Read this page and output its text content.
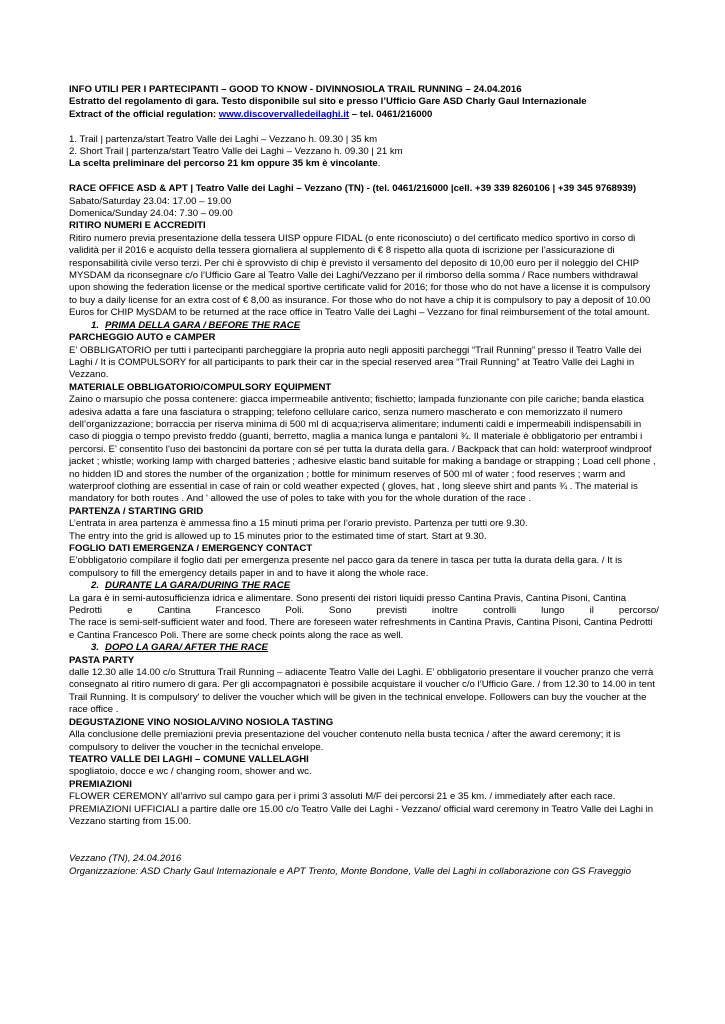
INFO UTILI PER I PARTECIPANTI – GOOD TO KNOW - DIVINNOSIOLA TRAIL RUNNING – 24.04.2016

Estratto del regolamento di gara. Testo disponibile sul sito e presso l’Ufficio Gare ASD Charly Gaul Internazionale

Extract of the official regulation: www.discovervalledeilaghi.it – tel. 0461/216000

1. Trail | partenza/start Teatro Valle dei Laghi – Vezzano h. 09.30 | 35 km

2. Short Trail | partenza/start Teatro Valle dei Laghi – Vezzano h. 09.30 | 21 km

La scelta preliminare del percorso 21 km oppure 35 km è vincolante.

RACE OFFICE ASD & APT | Teatro Valle dei Laghi – Vezzano (TN) - (tel. 0461/216000 |cell. +39 339 8260106 | +39 345 9768939)

Sabato/Saturday 23.04: 17.00 – 19.00

Domenica/Sunday 24.04: 7.30 – 09.00

RITIRO NUMERI E ACCREDITI

Ritiro numero previa presentazione della tessera UISP oppure FIDAL (o ente riconosciuto) o del certificato medico sportivo in corso di validità per il 2016 e acquisto della tessera giornaliera al supplemento di € 8 rispetto alla quota di iscrizione per l’assicurazione di responsabilità civile verso terzi. Per chi è sprovvisto di chip è previsto il versamento del deposito di 10,00 euro per il noleggio del CHIP MYSDAM da riconsegnare c/o l’Ufficio Gare al Teatro Valle dei Laghi/Vezzano per il rimborso della somma / Race numbers withdrawal upon showing the federation license or the medical sportive certificate valid for 2016; for those who do not have a license it is compulsory to buy a daily license for an extra cost of € 8,00 as insurance. For those who do not have a chip it is compulsory to pay a deposit of 10.00 Euros for CHIP MySDAM to be returned at the race office in Teatro Valle dei Laghi – Vezzano for final reimbursement of the total amount.

1. PRIMA DELLA GARA / BEFORE THE RACE

PARCHEGGIO AUTO e CAMPER

E’ OBBLIGATORIO per tutti i partecipanti parcheggiare la propria auto negli appositi parcheggi “Trail Running” presso il Teatro Valle dei Laghi / It is COMPULSORY for all participants to park their car in the special reserved area “Trail Running” at Teatro Valle dei Laghi in Vezzano.

MATERIALE OBBLIGATORIO/COMPULSORY EQUIPMENT

Zaino o marsupio che possa contenere: giacca impermeabile antivento; fischietto; lampada funzionante con pile cariche; banda elastica adesiva adatta a fare una fasciatura o strapping; telefono cellulare carico, senza numero mascherato e con memorizzato il numero dell’organizzazione; borraccia per riserva minima di 500 ml di acqua;riserva alimentare; indumenti caldi e impermeabili indispensabili in caso di pioggia o tempo previsto freddo (guanti, berretto, maglia a manica lunga e pantaloni ¾. Il materiale è obbligatorio per entrambi i percorsi. E’ consentito l’uso dei bastoncini da portare con sé per tutta la durata della gara. / Backpack that can hold: waterproof windproof jacket ; whistle; working lamp with charged batteries ; adhesive elastic band suitable for making a bandage or strapping ; Load cell phone , no hidden ID and stores the number of the organization ; bottle for minimum reserves of 500 ml of water ; food reserves ; warm and waterproof clothing are essential in case of rain or cold weather expected ( gloves, hat , long sleeve shirt and pants ¾ . The material is mandatory for both routes . And ' allowed the use of poles to take with you for the whole duration of the race .

PARTENZA / STARTING GRID

L’entrata in area partenza è ammessa fino a 15 minuti prima per l’orario previsto. Partenza per tutti ore 9.30.

The entry into the grid is allowed up to 15 minutes prior to the estimated time of start. Start at 9.30.

FOGLIO DATI EMERGENZA / EMERGENCY CONTACT

E’obbligatorio compilare il foglio dati per emergenza presente nel pacco gara da tenere in tasca per tutta la durata della gara. / It is compulsory to fill the emergency details paper in and to have it along the whole race.

2. DURANTE LA GARA/DURING THE RACE

La gara è in semi-autosufficienza idrica e alimentare. Sono presenti dei ristori liquidi presso Cantina Pravis, Cantina Pisoni, Cantina

Pedrotti	e	Cantina	Francesco	Poli.	Sono	previsti	inoltre	controlli	lungo	il	percorso/

The race is semi-self-sufficient water and food. There are foreseen water refreshments in Cantina Pravis, Cantina Pisoni, Cantina Pedrotti e Cantina Francesco Poli. There are some check points along the race as well.

3. DOPO LA GARA/ AFTER THE RACE

PASTA PARTY

dalle 12.30 alle 14.00 c/o Struttura Trail Running – adiacente Teatro Valle dei Laghi. E’ obbligatorio presentare il voucher pranzo che verrà consegnato al ritiro numero di gara. Per gli accompagnatori è possibile acquistare il voucher c/o l’Ufficio Gare. / from 12.30 to 14.00 in tent Trail Running. It is compulsory' to deliver the voucher which will be given in the technical envelope. Followers can buy the voucher at the race office .

DEGUSTAZIONE VINO NOSIOLA/VINO NOSIOLA TASTING

Alla conclusione delle premiazioni previa presentazione del voucher contenuto nella busta tecnica / after the award ceremony; it is compulsory to deliver the voucher in the tecnichal envelope.

TEATRO VALLE DEI LAGHI – COMUNE VALLELAGHI

spogliatoio, docce e wc / changing room, shower and wc.

PREMIAZIONI

FLOWER CEREMONY all’arrivo sul campo gara per i primi 3 assoluti M/F dei percorsi 21 e 35 km. / immediately after each race.

PREMIAZIONI UFFICIALI a partire dalle ore 15.00 c/o Teatro Valle dei Laghi - Vezzano/ official ward ceremony in Teatro Valle dei Laghi in Vezzano starting from 15.00.

Vezzano (TN), 24.04.2016

Organizzazione: ASD Charly Gaul Internazionale e APT Trento, Monte Bondone, Valle dei Laghi in collaborazione con GS Fraveggio
